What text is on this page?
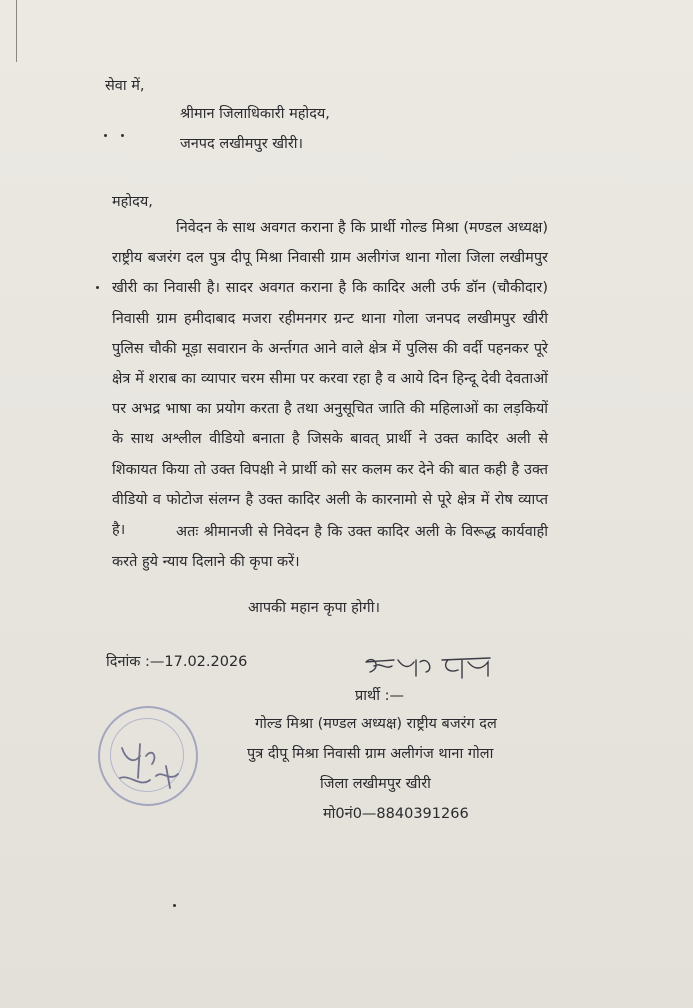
सेवा में,
श्रीमान जिलाधिकारी महोदय,
जनपद लखीमपुर खीरी।
महोदय,
निवेदन के साथ अवगत कराना है कि प्रार्थी गोल्ड मिश्रा (मण्डल अध्यक्ष) राष्ट्रीय बजरंग दल पुत्र दीपू मिश्रा निवासी ग्राम अलीगंज थाना गोला जिला लखीमपुर खीरी का निवासी है। सादर अवगत कराना है कि कादिर अली उर्फ डॉन (चौकीदार) निवासी ग्राम हमीदाबाद मजरा रहीमनगर ग्रन्ट थाना गोला जनपद लखीमपुर खीरी पुलिस चौकी मूड़ा सवारान के अर्न्तगत आने वाले क्षेत्र में पुलिस की वर्दी पहनकर पूरे क्षेत्र में शराब का व्यापार चरम सीमा पर करवा रहा है व आये दिन हिन्दू देवी देवताओं पर अभद्र भाषा का प्रयोग करता है तथा अनुसूचित जाति की महिलाओं का लड़कियों के साथ अश्लील वीडियो बनाता है जिसके बावत् प्रार्थी ने उक्त कादिर अली से शिकायत किया तो उक्त विपक्षी ने प्रार्थी को सर कलम कर देने की बात कही है उक्त वीडियो व फोटोज संलग्न है उक्त कादिर अली के कारनामो से पूरे क्षेत्र में रोष व्याप्त है।	अतः श्रीमानजी से निवेदन है कि उक्त कादिर अली के विरूद्ध कार्यवाही करते हुये न्याय दिलाने की कृपा करें।
आपकी महान कृपा होगी।
दिनांक :—17.02.2026
प्रार्थी :—
गोल्ड मिश्रा (मण्डल अध्यक्ष) राष्ट्रीय बजरंग दल
पुत्र दीपू मिश्रा निवासी ग्राम अलीगंज थाना गोला
जिला लखीमपुर खीरी
मो0नं0—8840391266
